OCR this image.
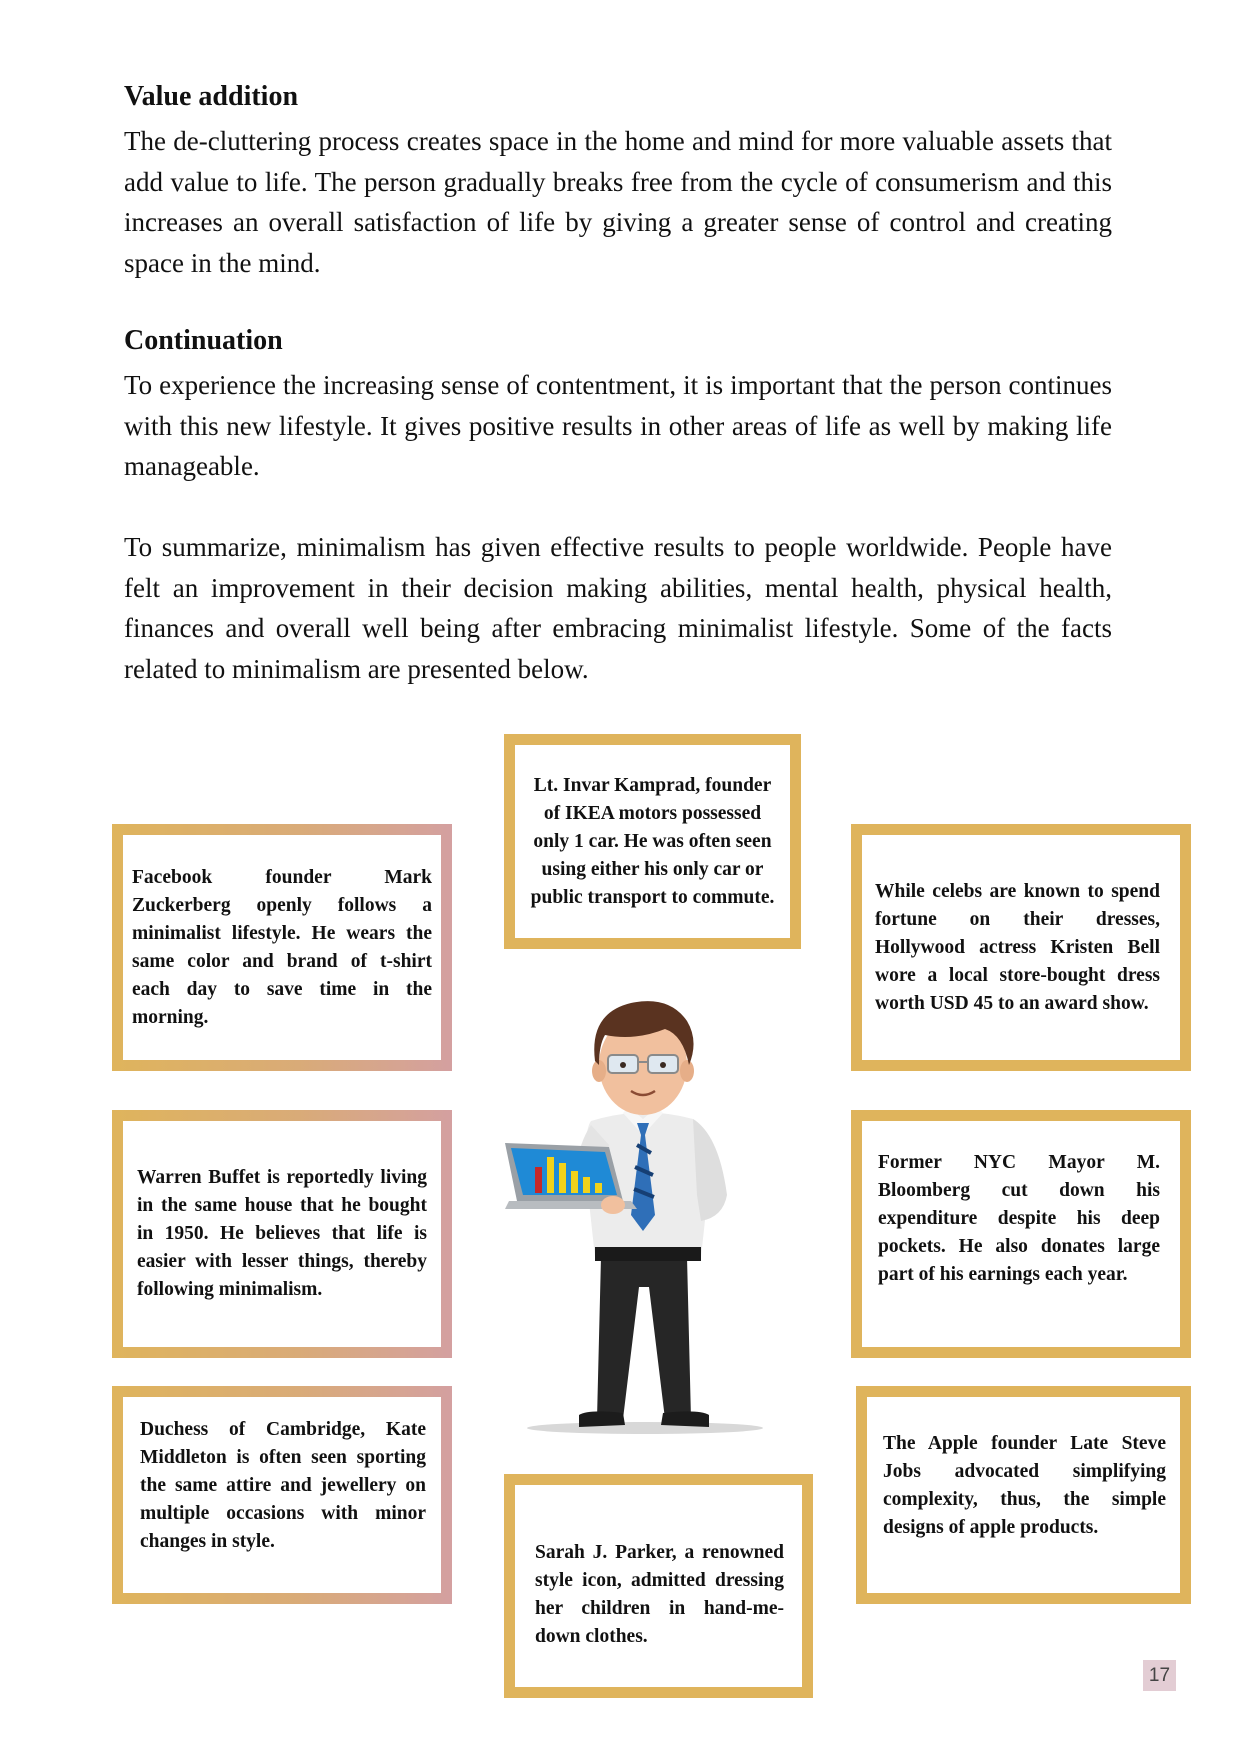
Value addition

The de-cluttering process creates space in the home and mind for more valuable assets that add value to life. The person gradually breaks free from the cycle of consumerism and this increases an overall satisfaction of life by giving a greater sense of control and creating space in the mind.

Continuation

To experience the increasing sense of contentment, it is important that the person continues with this new lifestyle. It gives positive results in other areas of life as well by making life manageable.

To summarize, minimalism has given effective results to people worldwide. People have felt an improvement in their decision making abilities, mental health, physical health, finances and overall well being after embracing minimalist lifestyle. Some of the facts related to minimalism are presented below.

Lt. Invar Kamprad, founder of IKEA motors possessed only 1 car. He was often seen using either his only car or public transport to commute.

Facebook founder Mark Zuckerberg openly follows a minimalist lifestyle. He wears the same color and brand of t-shirt each day to save time in the morning.

While celebs are known to spend fortune on their dresses, Hollywood actress Kristen Bell wore a local store-bought dress worth USD 45 to an award show.

Warren Buffet is reportedly living in the same house that he bought in 1950. He believes that life is easier with lesser things, thereby following minimalism.

Former NYC Mayor M. Bloomberg cut down his expenditure despite his deep pockets. He also donates large part of his earnings each year.

Duchess of Cambridge, Kate Middleton is often seen sporting the same attire and jewellery on multiple occasions with minor changes in style.

Sarah J. Parker, a renowned style icon, admitted dressing her children in hand-me-down clothes.

The Apple founder Late Steve Jobs advocated simplifying complexity, thus, the simple designs of apple products.

17
